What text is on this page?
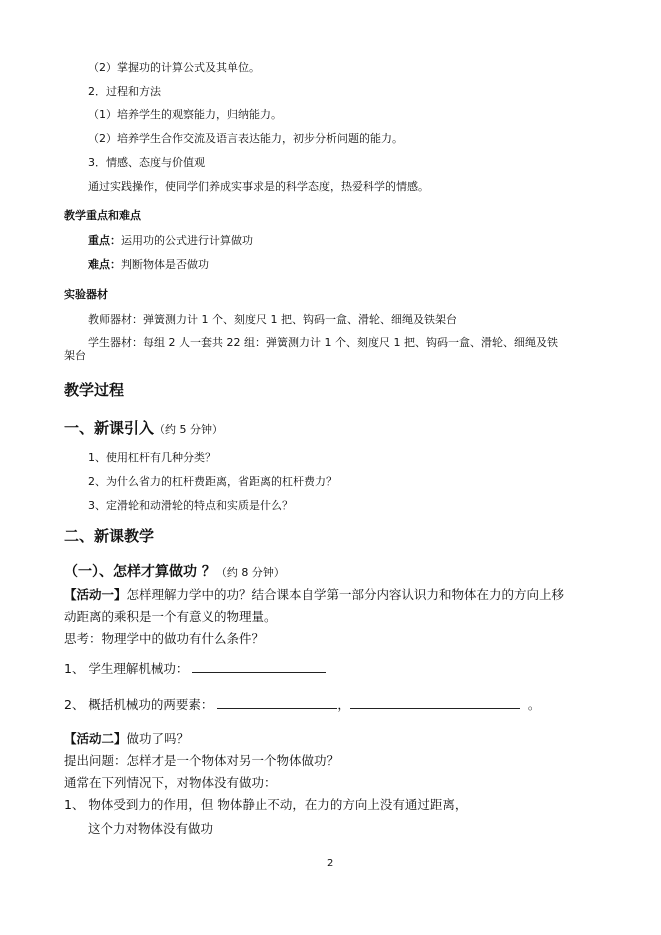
（2）掌握功的计算公式及其单位。
2．过程和方法
（1）培养学生的观察能力，归纳能力。
（2）培养学生合作交流及语言表达能力，初步分析问题的能力。
3．情感、态度与价值观
通过实践操作，使同学们养成实事求是的科学态度，热爱科学的情感。
教学重点和难点
重点：运用功的公式进行计算做功
难点：判断物体是否做功
实验器材
教师器材：弹簧测力计 1 个、刻度尺 1 把、钩码一盒、滑轮、细绳及铁架台
学生器材：每组 2 人一套共 22 组：弹簧测力计 1 个、刻度尺 1 把、钩码一盒、滑轮、细绳及铁
架台
教学过程
一、新课引入（约 5 分钟）
1、使用杠杆有几种分类？
2、为什么省力的杠杆费距离，省距离的杠杆费力？
3、定滑轮和动滑轮的特点和实质是什么？
二、新课教学
（一）、怎样才算做功 ？（约 8 分钟）
【活动一】怎样理解力学中的功？结合课本自学第一部分内容认识力和物体在力的方向上移
动距离的乘积是一个有意义的物理量。
思考：物理学中的做功有什么条件？
1、 学生理解机械功：
2、 概括机械功的两要素：	，	。
【活动二】做功了吗？
提出问题：怎样才是一个物体对另一个物体做功？
通常在下列情况下，对物体没有做功：
1、 物体受到力的作用，但 物体静止不动，在力的方向上没有通过距离，
这个力对物体没有做功
2
